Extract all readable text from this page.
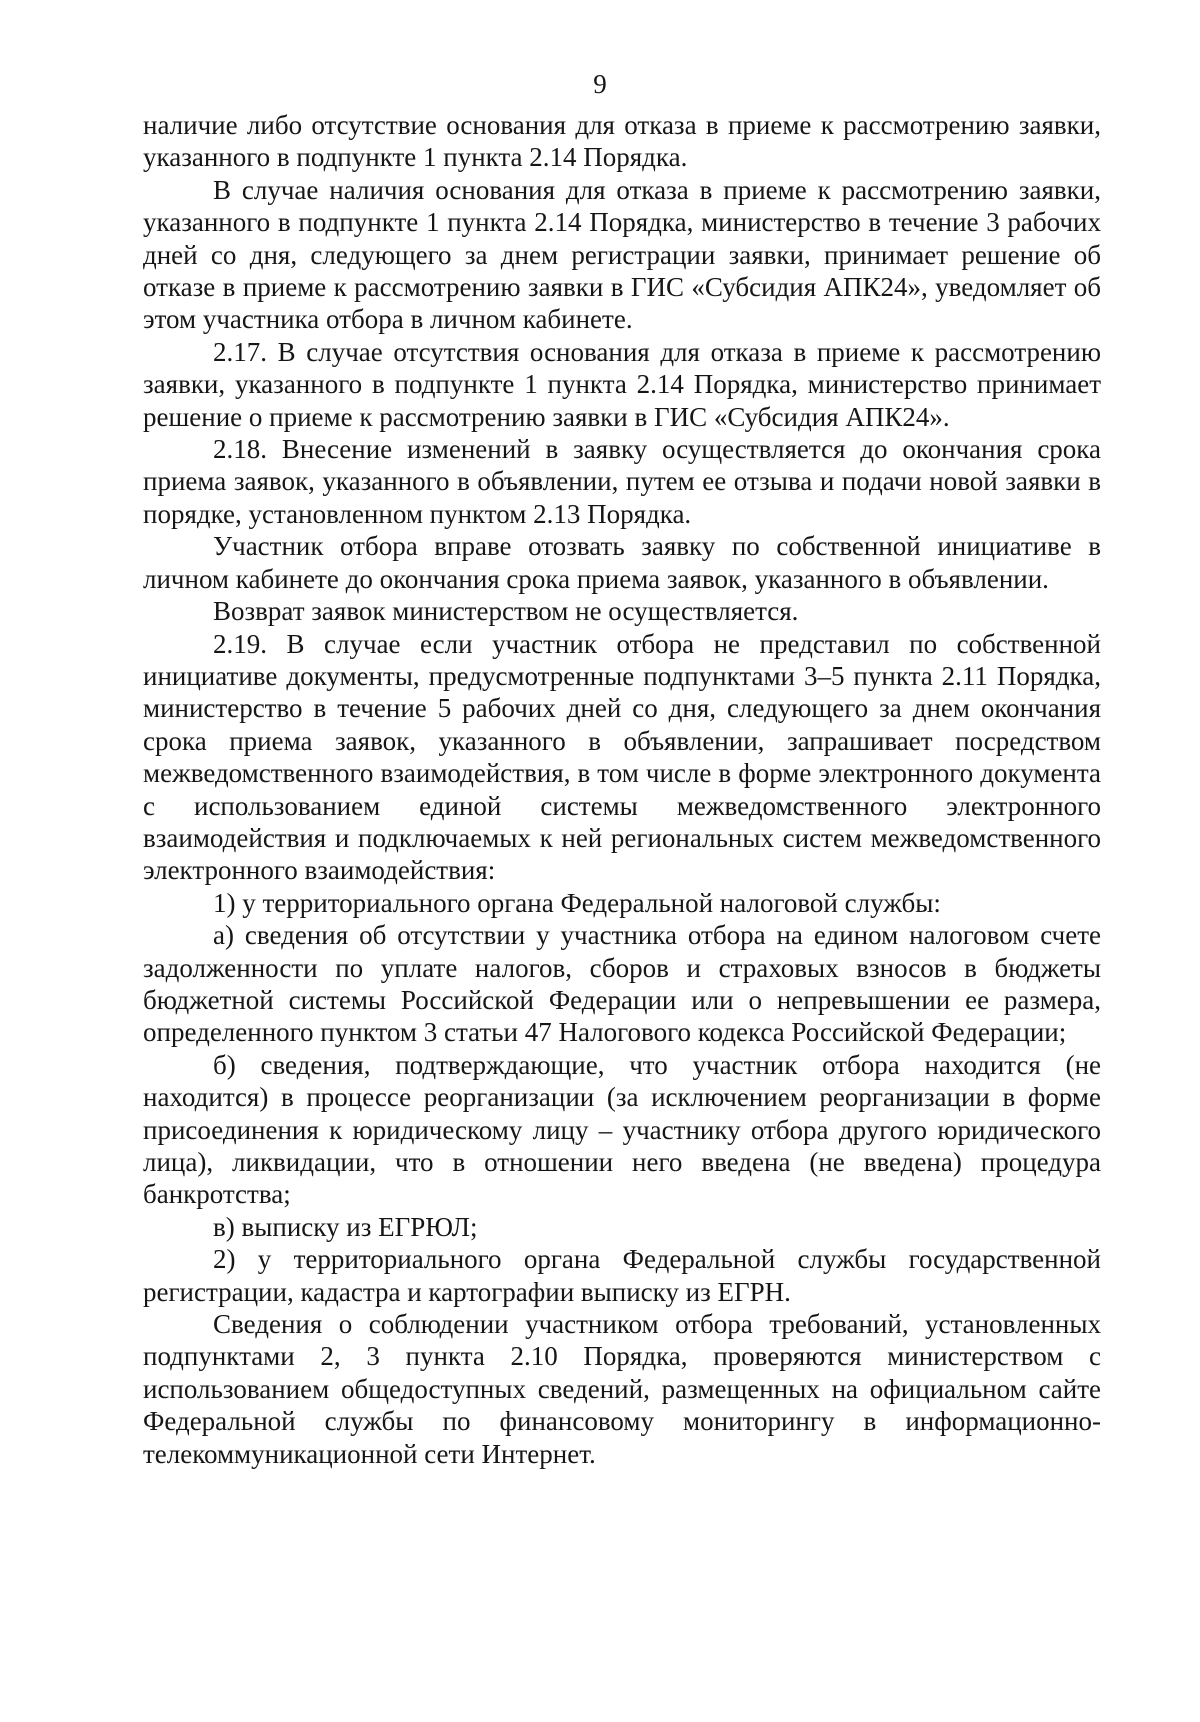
9

наличие либо отсутствие основания для отказа в приеме к рассмотрению заявки, указанного в подпункте 1 пункта 2.14 Порядка.

В случае наличия основания для отказа в приеме к рассмотрению заявки, указанного в подпункте 1 пункта 2.14 Порядка, министерство в течение 3 рабочих дней со дня, следующего за днем регистрации заявки, принимает решение об отказе в приеме к рассмотрению заявки в ГИС «Субсидия АПК24», уведомляет об этом участника отбора в личном кабинете.

2.17. В случае отсутствия основания для отказа в приеме к рассмотрению заявки, указанного в подпункте 1 пункта 2.14 Порядка, министерство принимает решение о приеме к рассмотрению заявки в ГИС «Субсидия АПК24».

2.18. Внесение изменений в заявку осуществляется до окончания срока приема заявок, указанного в объявлении, путем ее отзыва и подачи новой заявки в порядке, установленном пунктом 2.13 Порядка.

Участник отбора вправе отозвать заявку по собственной инициативе в личном кабинете до окончания срока приема заявок, указанного в объявлении.

Возврат заявок министерством не осуществляется.

2.19. В случае если участник отбора не представил по собственной инициативе документы, предусмотренные подпунктами 3–5 пункта 2.11 Порядка, министерство в течение 5 рабочих дней со дня, следующего за днем окончания срока приема заявок, указанного в объявлении, запрашивает посредством межведомственного взаимодействия, в том числе в форме электронного документа с использованием единой системы межведомственного электронного взаимодействия и подключаемых к ней региональных систем межведомственного электронного взаимодействия:

1) у территориального органа Федеральной налоговой службы:

а) сведения об отсутствии у участника отбора на едином налоговом счете задолженности по уплате налогов, сборов и страховых взносов в бюджеты бюджетной системы Российской Федерации или о непревышении ее размера, определенного пунктом 3 статьи 47 Налогового кодекса Российской Федерации;

б) сведения, подтверждающие, что участник отбора находится (не находится) в процессе реорганизации (за исключением реорганизации в форме присоединения к юридическому лицу – участнику отбора другого юридического лица), ликвидации, что в отношении него введена (не введена) процедура банкротства;

в) выписку из ЕГРЮЛ;

2) у территориального органа Федеральной службы государственной регистрации, кадастра и картографии выписку из ЕГРН.

Сведения о соблюдении участником отбора требований, установленных подпунктами 2, 3 пункта 2.10 Порядка, проверяются министерством с использованием общедоступных сведений, размещенных на официальном сайте Федеральной службы по финансовому мониторингу в информационно-телекоммуникационной сети Интернет.
